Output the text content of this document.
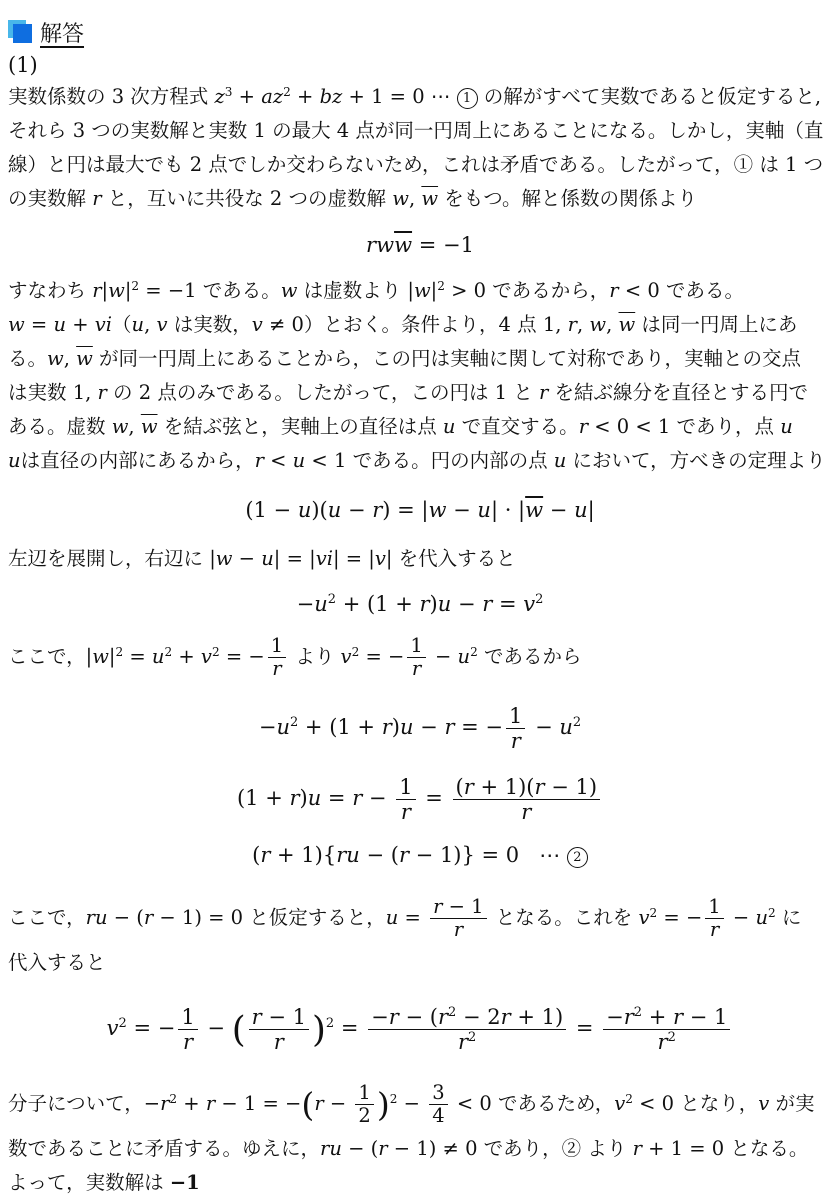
解答
(1)

実数係数の 3 次方程式 $z^3 + az^2$ + bz + 1 = 0 ⋯ 1 の解がすべて実数であると仮定すると,

それら 3 つの実数解と実数 1 の最大 4 点が同一円周上にあることになる。しかし，実軸（直

線）と円は最大でも 2 点でしか交わらないため，これは矛盾である。したがって，① は 1 つ

の実数解 r と，互いに共役な 2 つの虚数解 w, $\overline{w}$ をもつ。解と係数の関係より

$rw\overline{w} = -1$

すなわち $r|w|^2 = -1$ である。w は虚数より $|w|^2 > 0$ であるから，r < 0 である。

w = u + vi（u, v は実数，v ≠ 0）とおく。条件より，4 点 1, r, w, $\overline{w}$ は同一円周上にあ

る。w, $\overline{w}$ が同一円周上にあることから，この円は実軸に関して対称であり，実軸との交点

は実数 1, r の 2 点のみである。したがって，この円は 1 と r を結ぶ線分を直径とする円で

ある。虚数 w, $\overline{w}$ を結ぶ弦と，実軸上の直径は点 u で直交する。r < 0 < 1 であり，点 u

uは直径の内部にあるから，r < u < 1 である。円の内部の点 u において，方べきの定理より

$(1 - u)(u - r) = |w - u| \cdot |\overline{w} - u|$

左辺を展開し，右辺に |w − u| = |vi| = |v| を代入すると

$-u^2 + (1 + r)u - r = v^2$

ここで，$|w|^2 = u^2 + v^2$ = − $\frac{1}{r}$ より $v^2$ = − $\frac{1}{r} - u^2$ であるから

$-u^2 + (1 + r)u - r$ = − $\frac{1}{r} - u^2$
$(1 + r)u = r - \frac{1}{r} = \frac{(r + 1)(r - 1)}{r}$
(r + 1){ru − (r − 1)} = 0   ⋯ 2

ここで，ru − (r − 1) = 0 と仮定すると，$u = \frac{r - 1}{r}$ となる。これを $v^2$ = − $\frac{1}{r} - u^2$ に

代入すると

$v^2$ = − $\frac{1}{r}$ − ( $\frac{r - 1}{r} )^2 = \frac{-r - (r^2 - 2r + 1)}{r^2} = \frac{-r^2 + r - 1}{r^2}$

分子について，$-r^2 + r - 1 = -(r - \frac{1}{2} )^2 - \frac{3}{4} < 0$ であるため，$v^2 < 0$ となり，v が実

数であることに矛盾する。ゆえに，ru − (r − 1) ≠ 0 であり，② より r + 1 = 0 となる。

よって，実数解は −1
